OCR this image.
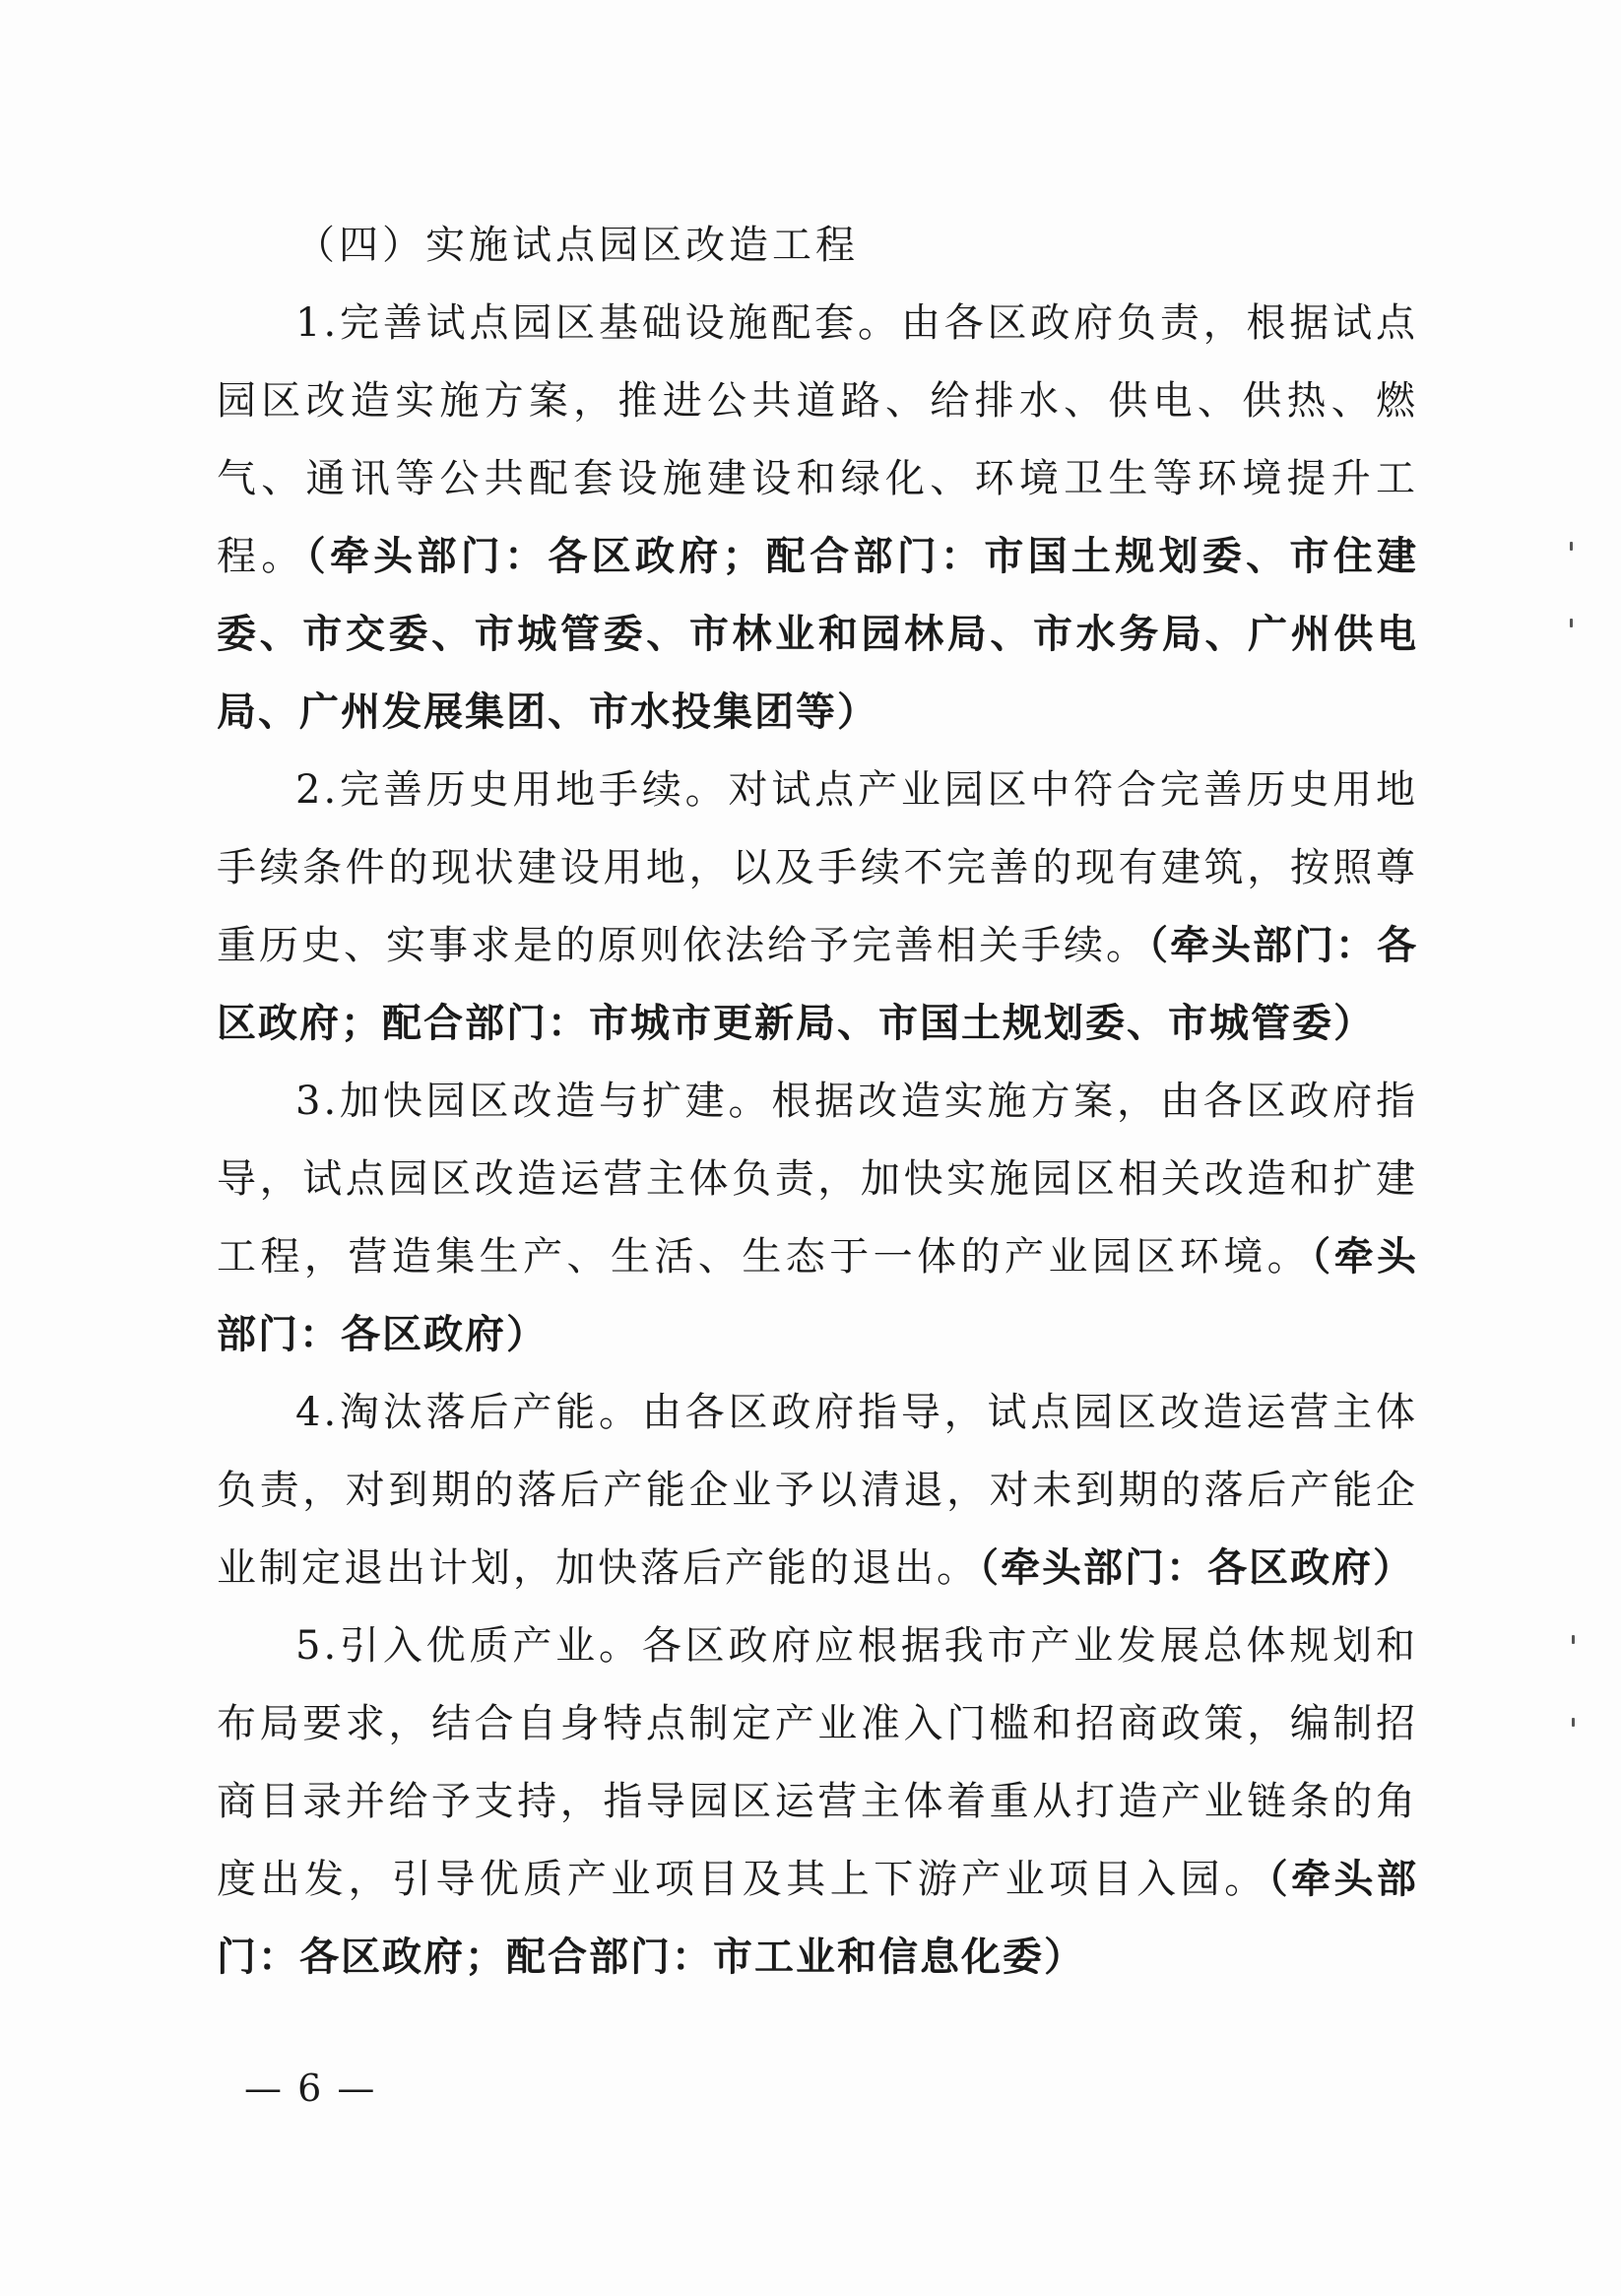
（四）实施试点园区改造工程

1.完善试点园区基础设施配套。由各区政府负责，根据试点园区改造实施方案，推进公共道路、给排水、供电、供热、燃气、通讯等公共配套设施建设和绿化、环境卫生等环境提升工程。（牵头部门：各区政府；配合部门：市国土规划委、市住建委、市交委、市城管委、市林业和园林局、市水务局、广州供电局、广州发展集团、市水投集团等）

2.完善历史用地手续。对试点产业园区中符合完善历史用地手续条件的现状建设用地，以及手续不完善的现有建筑，按照尊重历史、实事求是的原则依法给予完善相关手续。（牵头部门：各区政府；配合部门：市城市更新局、市国土规划委、市城管委）

3.加快园区改造与扩建。根据改造实施方案，由各区政府指导，试点园区改造运营主体负责，加快实施园区相关改造和扩建工程，营造集生产、生活、生态于一体的产业园区环境。（牵头部门：各区政府）

4.淘汰落后产能。由各区政府指导，试点园区改造运营主体负责，对到期的落后产能企业予以清退，对未到期的落后产能企业制定退出计划，加快落后产能的退出。（牵头部门：各区政府）

5.引入优质产业。各区政府应根据我市产业发展总体规划和布局要求，结合自身特点制定产业准入门槛和招商政策，编制招商目录并给予支持，指导园区运营主体着重从打造产业链条的角度出发，引导优质产业项目及其上下游产业项目入园。（牵头部门：各区政府；配合部门：市工业和信息化委）

— 6 —
